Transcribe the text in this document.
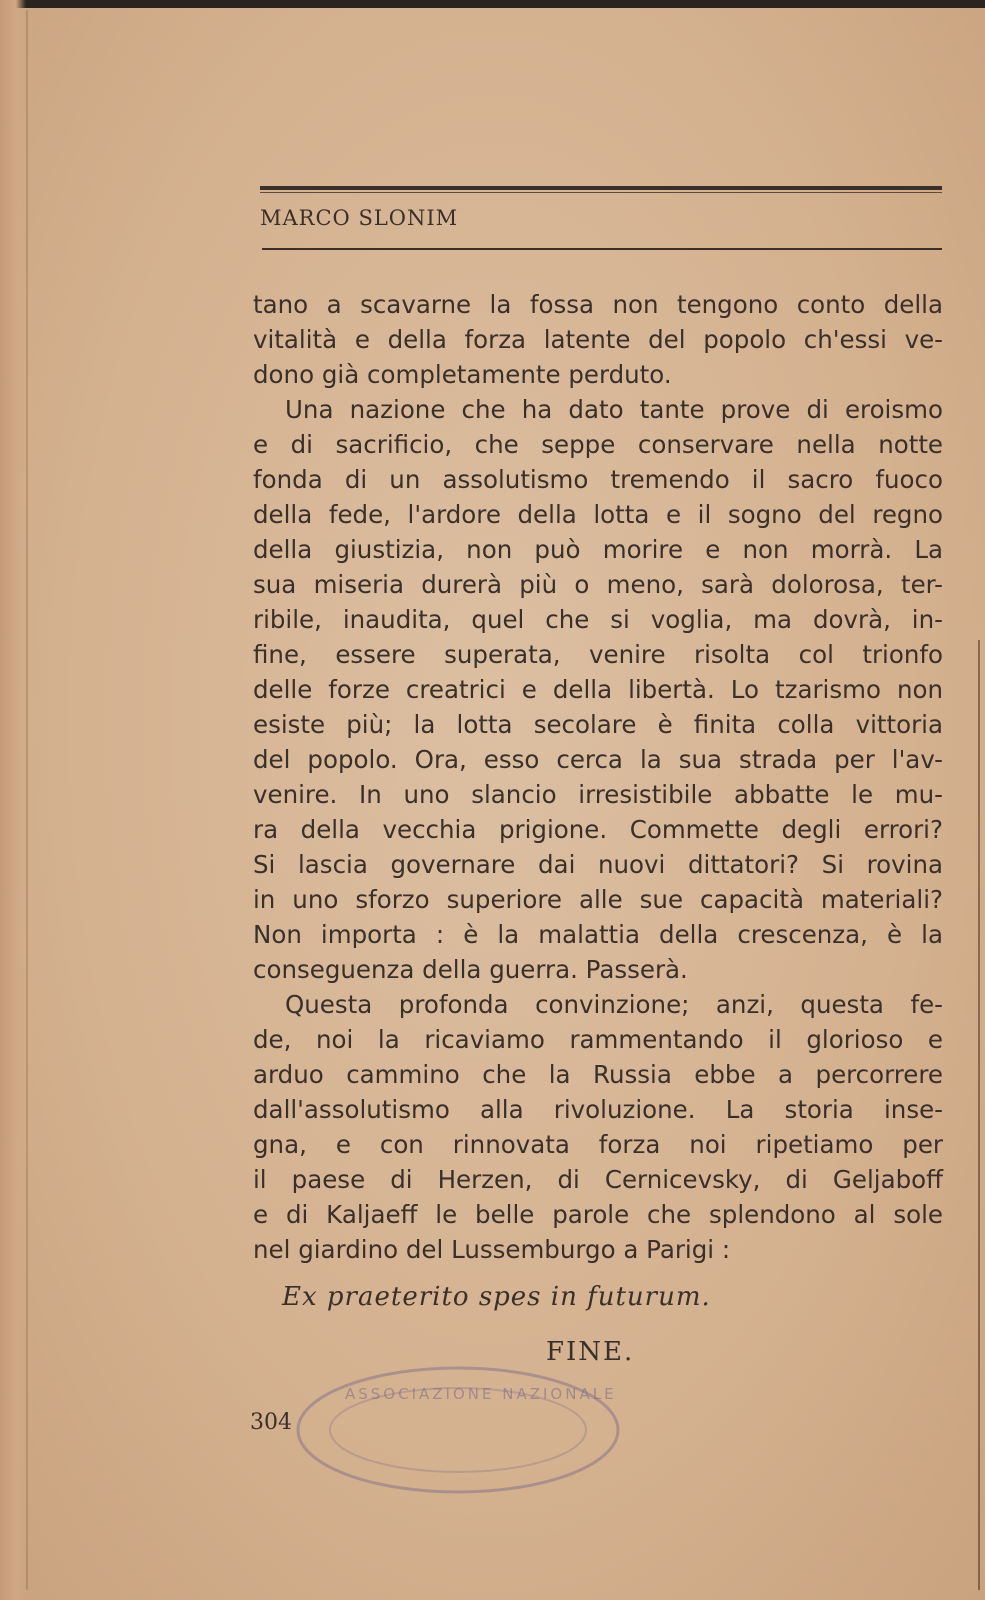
MARCO SLONIM
tano a scavarne la fossa non tengono conto della
vitalità e della forza latente del popolo ch'essi ve-
dono già completamente perduto.
Una nazione che ha dato tante prove di eroismo
e di sacrificio, che seppe conservare nella notte
fonda di un assolutismo tremendo il sacro fuoco
della fede, l'ardore della lotta e il sogno del regno
della giustizia, non può morire e non morrà. La
sua miseria durerà più o meno, sarà dolorosa, ter-
ribile, inaudita, quel che si voglia, ma dovrà, in-
fine, essere superata, venire risolta col trionfo
delle forze creatrici e della libertà. Lo tzarismo non
esiste più; la lotta secolare è finita colla vittoria
del popolo. Ora, esso cerca la sua strada per l'av-
venire. In uno slancio irresistibile abbatte le mu-
ra della vecchia prigione. Commette degli errori?
Si lascia governare dai nuovi dittatori? Si rovina
in uno sforzo superiore alle sue capacità materiali?
Non importa : è la malattia della crescenza, è la
conseguenza della guerra. Passerà.
Questa profonda convinzione; anzi, questa fe-
de, noi la ricaviamo rammentando il glorioso e
arduo cammino che la Russia ebbe a percorrere
dall'assolutismo alla rivoluzione. La storia inse-
gna, e con rinnovata forza noi ripetiamo per
il paese di Herzen, di Cernicevsky, di Geljaboff
e di Kaljaeff le belle parole che splendono al sole
nel giardino del Lussemburgo a Parigi :
Ex praeterito spes in futurum.
FINE.
304
ASSOCIAZIONE NAZIONALE
